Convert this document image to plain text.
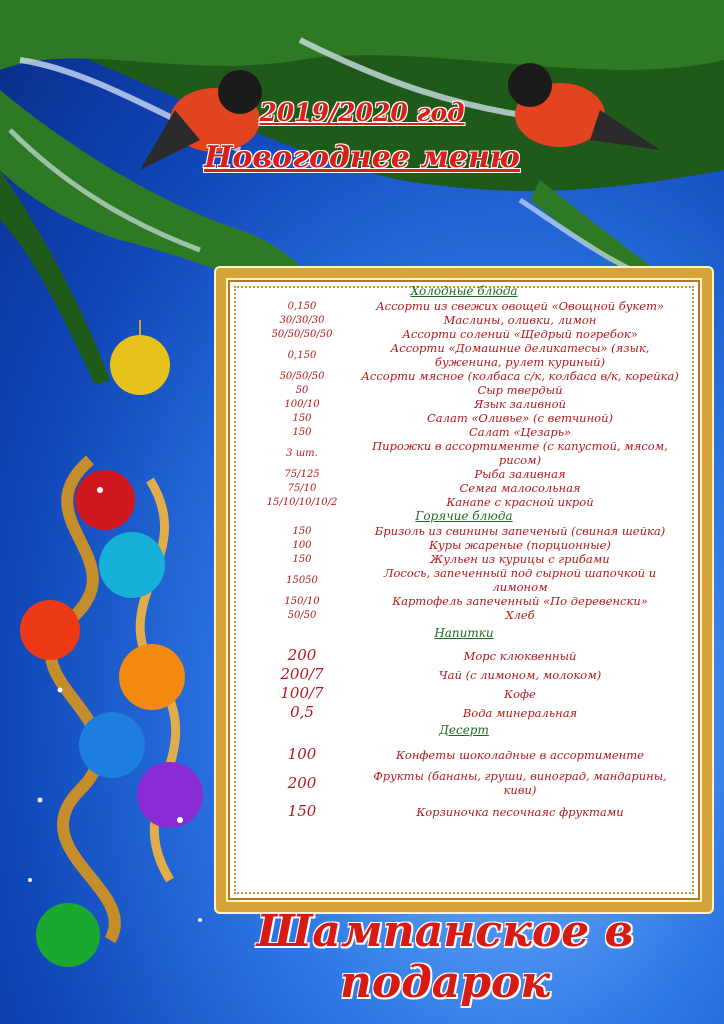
2019/2020 год
Новогоднее меню
Холодные блюда
0,150	Ассорти из свежих овощей «Овощной букет»
30/30/30	Маслины, оливки, лимон
50/50/50/50	Ассорти солений «Щедрый погребок»
0,150	Ассорти «Домашние деликатесы» (язык, буженина, рулет куриный)
50/50/50	Ассорти мясное (колбаса с/к, колбаса в/к, корейка)
50	Сыр твердый
100/10	Язык заливной
150	Салат «Оливье» (с ветчиной)
150	Салат «Цезарь»
3 шт.	Пирожки в ассортименте (с капустой, мясом, рисом)
75/125	Рыба заливная
75/10	Семга малосольная
15/10/10/10/2	Канапе с красной икрой
Горячие блюда
150	Бризоль из свинины запеченый (свиная шейка)
100	Куры жареные (порционные)
150	Жульен из курицы с грибами
15050	Лосось, запеченный под сырной шапочкой и лимоном
150/10	Картофель запеченный «По деревенски»
50/50	Хлеб
Напитки
200	Морс клюквенный
200/7	Чай (с лимоном, молоком)
100/7	Кофе
0,5	Вода минеральная
Десерт
100	Конфеты шоколадные в ассортименте
200	Фрукты (бананы, груши, виноград, мандарины, киви)
150	Корзиночка песочнаяс фруктами
Шампанское в подарок
